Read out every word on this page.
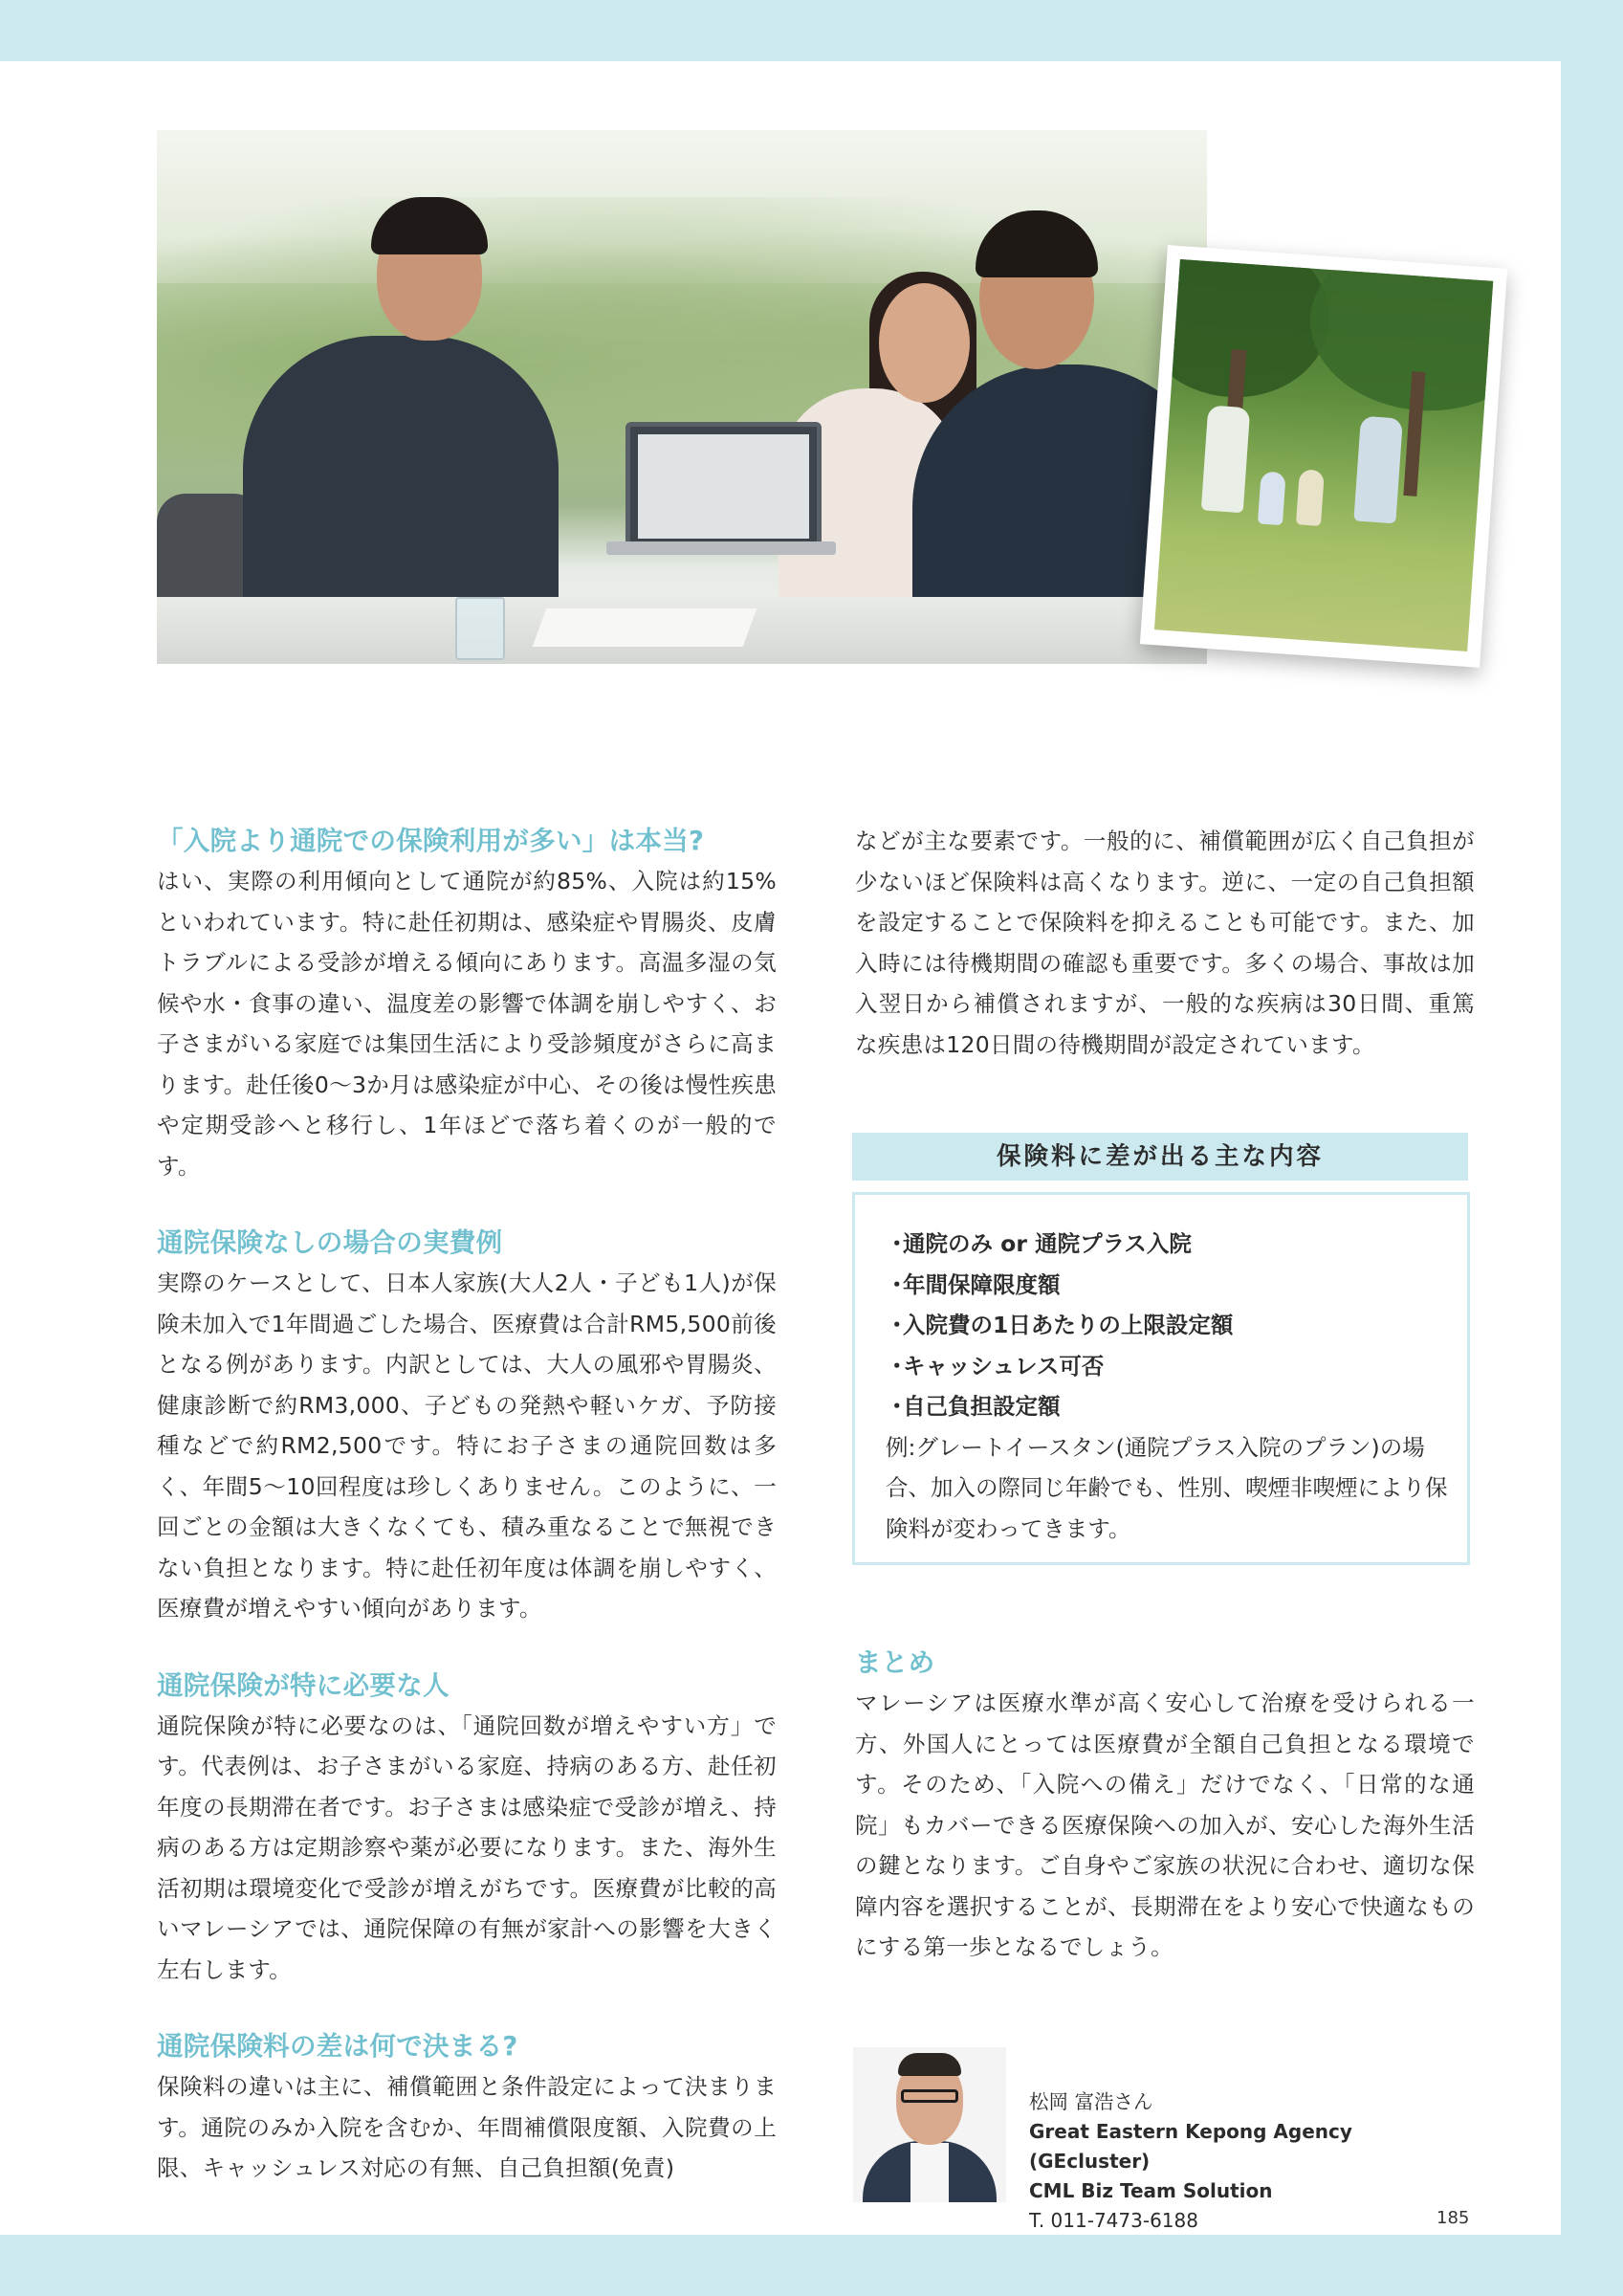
「入院より通院での保険利用が多い」は本当?

はい、実際の利用傾向として通院が約85%、入院は約15%といわれています。特に赴任初期は、感染症や胃腸炎、皮膚トラブルによる受診が増える傾向にあります。高温多湿の気候や水・食事の違い、温度差の影響で体調を崩しやすく、お子さまがいる家庭では集団生活により受診頻度がさらに高まります。赴任後0〜3か月は感染症が中心、その後は慢性疾患や定期受診へと移行し、1年ほどで落ち着くのが一般的です。

通院保険なしの場合の実費例

実際のケースとして、日本人家族(大人2人・子ども1人)が保険未加入で1年間過ごした場合、医療費は合計RM5,500前後となる例があります。内訳としては、大人の風邪や胃腸炎、健康診断で約RM3,000、子どもの発熱や軽いケガ、予防接種などで約RM2,500です。特にお子さまの通院回数は多く、年間5〜10回程度は珍しくありません。このように、一回ごとの金額は大きくなくても、積み重なることで無視できない負担となります。特に赴任初年度は体調を崩しやすく、医療費が増えやすい傾向があります。

通院保険が特に必要な人

通院保険が特に必要なのは、「通院回数が増えやすい方」です。代表例は、お子さまがいる家庭、持病のある方、赴任初年度の長期滞在者です。お子さまは感染症で受診が増え、持病のある方は定期診察や薬が必要になります。また、海外生活初期は環境変化で受診が増えがちです。医療費が比較的高いマレーシアでは、通院保障の有無が家計への影響を大きく左右します。

通院保険料の差は何で決まる?

保険料の違いは主に、補償範囲と条件設定によって決まります。通院のみか入院を含むか、年間補償限度額、入院費の上限、キャッシュレス対応の有無、自己負担額(免責)

などが主な要素です。一般的に、補償範囲が広く自己負担が少ないほど保険料は高くなります。逆に、一定の自己負担額を設定することで保険料を抑えることも可能です。また、加入時には待機期間の確認も重要です。多くの場合、事故は加入翌日から補償されますが、一般的な疾病は30日間、重篤な疾患は120日間の待機期間が設定されています。

保険料に差が出る主な内容

・通院のみ or 通院プラス入院

・年間保障限度額

・入院費の1日あたりの上限設定額

・キャッシュレス可否

・自己負担設定額

例:グレートイースタン(通院プラス入院のプラン)の場合、加入の際同じ年齢でも、性別、喫煙非喫煙により保険料が変わってきます。

まとめ

マレーシアは医療水準が高く安心して治療を受けられる一方、外国人にとっては医療費が全額自己負担となる環境です。そのため、「入院への備え」だけでなく、「日常的な通院」もカバーできる医療保険への加入が、安心した海外生活の鍵となります。ご自身やご家族の状況に合わせ、適切な保障内容を選択することが、長期滞在をより安心で快適なものにする第一歩となるでしょう。

松岡 富浩さん
Great Eastern Kepong Agency (GEcluster)
CML Biz Team Solution
T. 011-7473-6188	185
